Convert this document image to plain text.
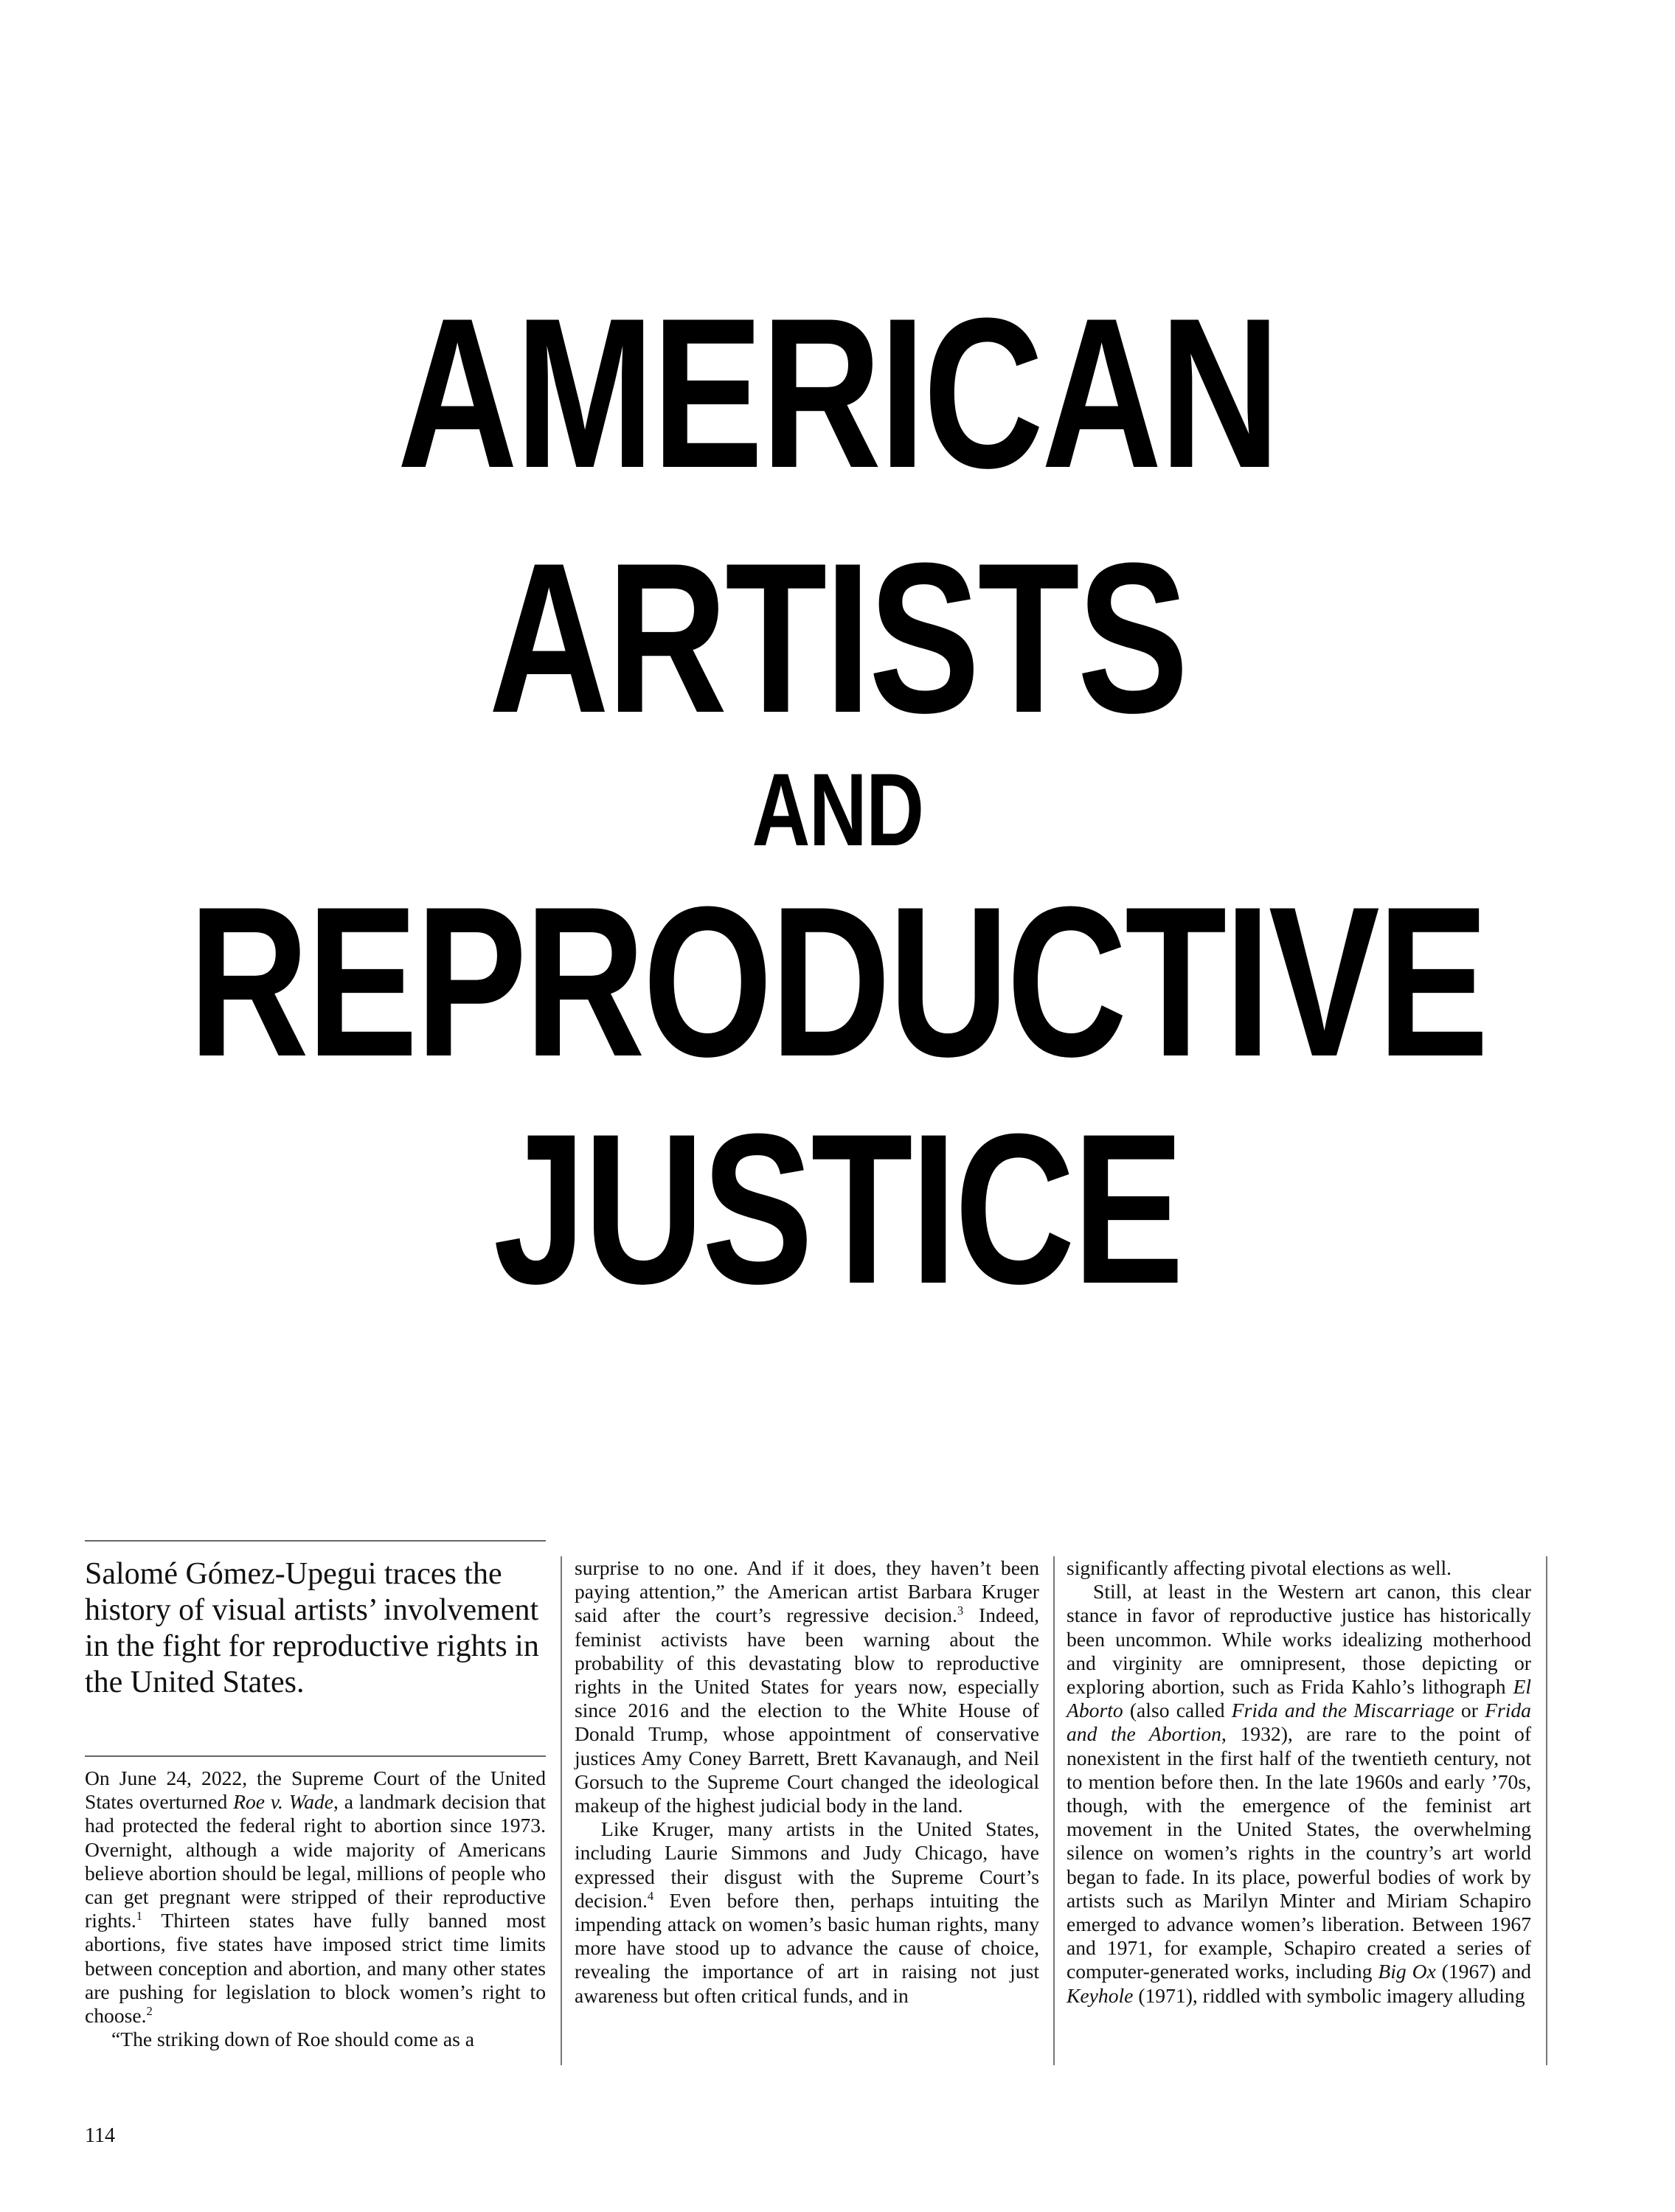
AMERICAN
ARTISTS
AND
REPRODUCTIVE
JUSTICE
Salomé Gómez-Upegui traces the history of visual artists’ involvement in the fight for reproductive rights in the United States.

On June 24, 2022, the Supreme Court of the United States overturned Roe v. Wade, a landmark decision that had protected the federal right to abortion since 1973. Overnight, although a wide majority of Americans believe abortion should be legal, millions of people who can get pregnant were stripped of their reproductive rights.$^1$ Thirteen states have fully banned most abortions, five states have imposed strict time limits between conception and abortion, and many other states are pushing for legislation to block women’s right to choose.$^2$

“The striking down of Roe should come as a

surprise to no one. And if it does, they haven’t been paying attention,” the American artist Barbara Kruger said after the court’s regressive decision.$^3$ Indeed, feminist activists have been warning about the probability of this devastating blow to reproductive rights in the United States for years now, especially since 2016 and the election to the White House of Donald Trump, whose appointment of conservative justices Amy Coney Barrett, Brett Kavanaugh, and Neil Gorsuch to the Supreme Court changed the ideological makeup of the highest judicial body in the land.

Like Kruger, many artists in the United States, including Laurie Simmons and Judy Chicago, have expressed their disgust with the Supreme Court’s decision.$^4$ Even before then, perhaps intuiting the impending attack on women’s basic human rights, many more have stood up to advance the cause of choice, revealing the importance of art in raising not just awareness but often critical funds, and in

significantly affecting pivotal elections as well.

Still, at least in the Western art canon, this clear stance in favor of reproductive justice has historically been uncommon. While works idealizing motherhood and virginity are omnipresent, those depicting or exploring abortion, such as Frida Kahlo’s lithograph El Aborto (also called Frida and the Miscarriage or Frida and the Abortion, 1932), are rare to the point of nonexistent in the first half of the twentieth century, not to mention before then. In the late 1960s and early ’70s, though, with the emergence of the feminist art movement in the United States, the overwhelming silence on women’s rights in the country’s art world began to fade. In its place, powerful bodies of work by artists such as Marilyn Minter and Miriam Schapiro emerged to advance women’s liberation. Between 1967 and 1971, for example, Schapiro created a series of computer-generated works, including Big Ox (1967) and Keyhole (1971), riddled with symbolic imagery alluding

114
